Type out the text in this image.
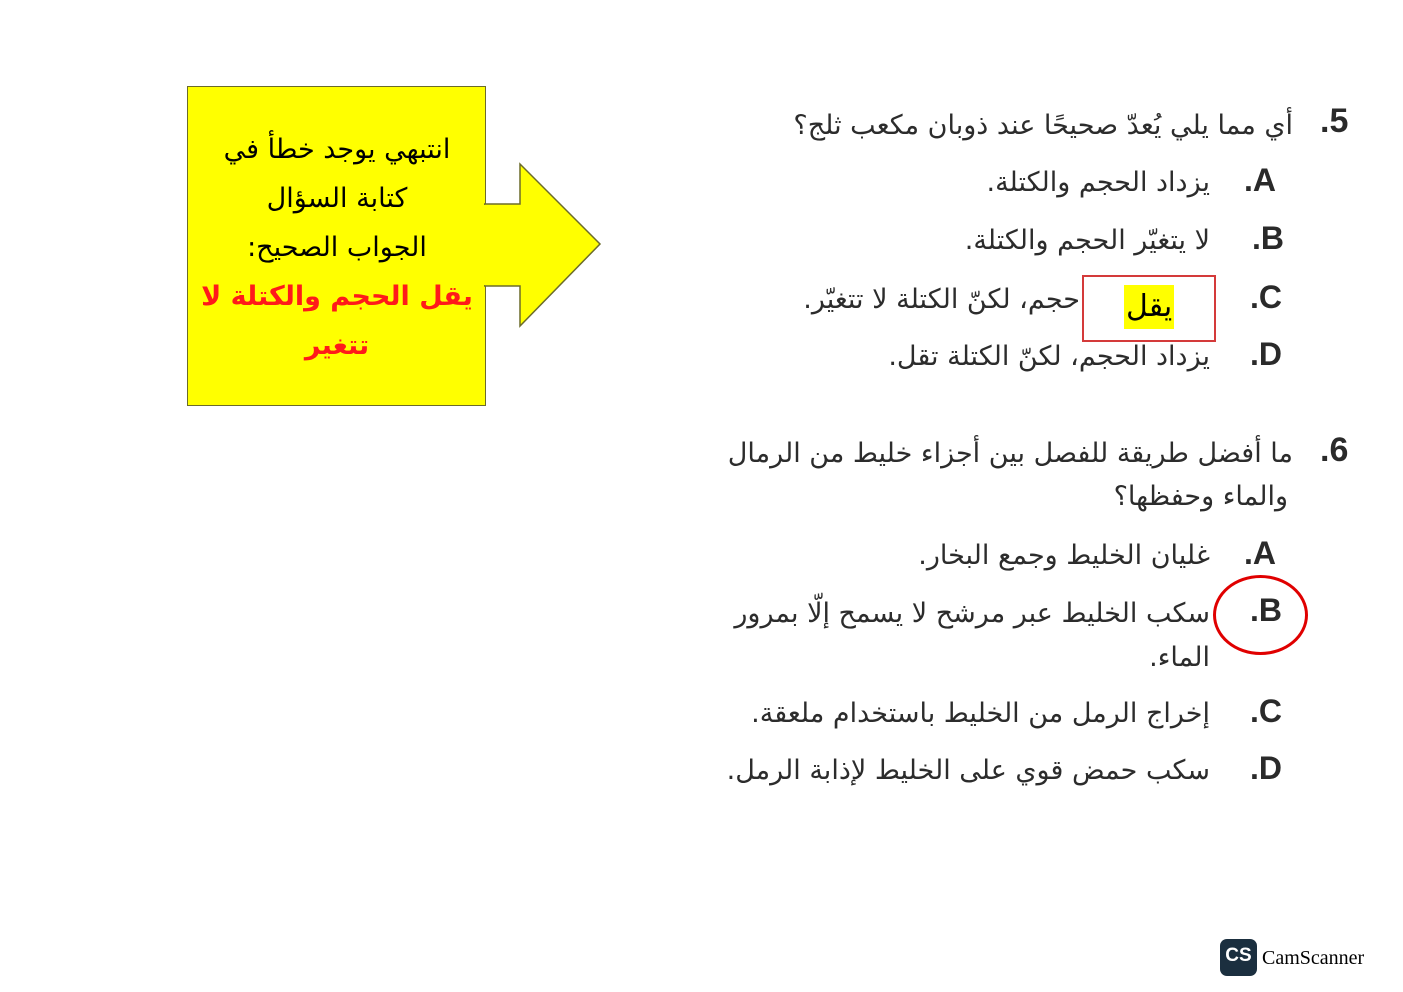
انتبهي يوجد خطأ في
كتابة السؤال
الجواب الصحيح:
يقل الحجم والكتلة لا
تتغير
.5
أي مما يلي يُعدّ صحيحًا عند ذوبان مكعب ثلج؟
.A
يزداد الحجم والكتلة.
.B
لا يتغيّر الحجم والكتلة.
.C
حجم، لكنّ الكتلة لا تتغيّر. يقل
.D
يزداد الحجم، لكنّ الكتلة تقل.
.6
ما أفضل طريقة للفصل بين أجزاء خليط من الرمال
والماء وحفظها؟
.A
غليان الخليط وجمع البخار.
.B
سكب الخليط عبر مرشح لا يسمح إلّا بمرور
الماء.
.C
إخراج الرمل من الخليط باستخدام ملعقة.
.D
سكب حمض قوي على الخليط لإذابة الرمل.
CS CamScanner
